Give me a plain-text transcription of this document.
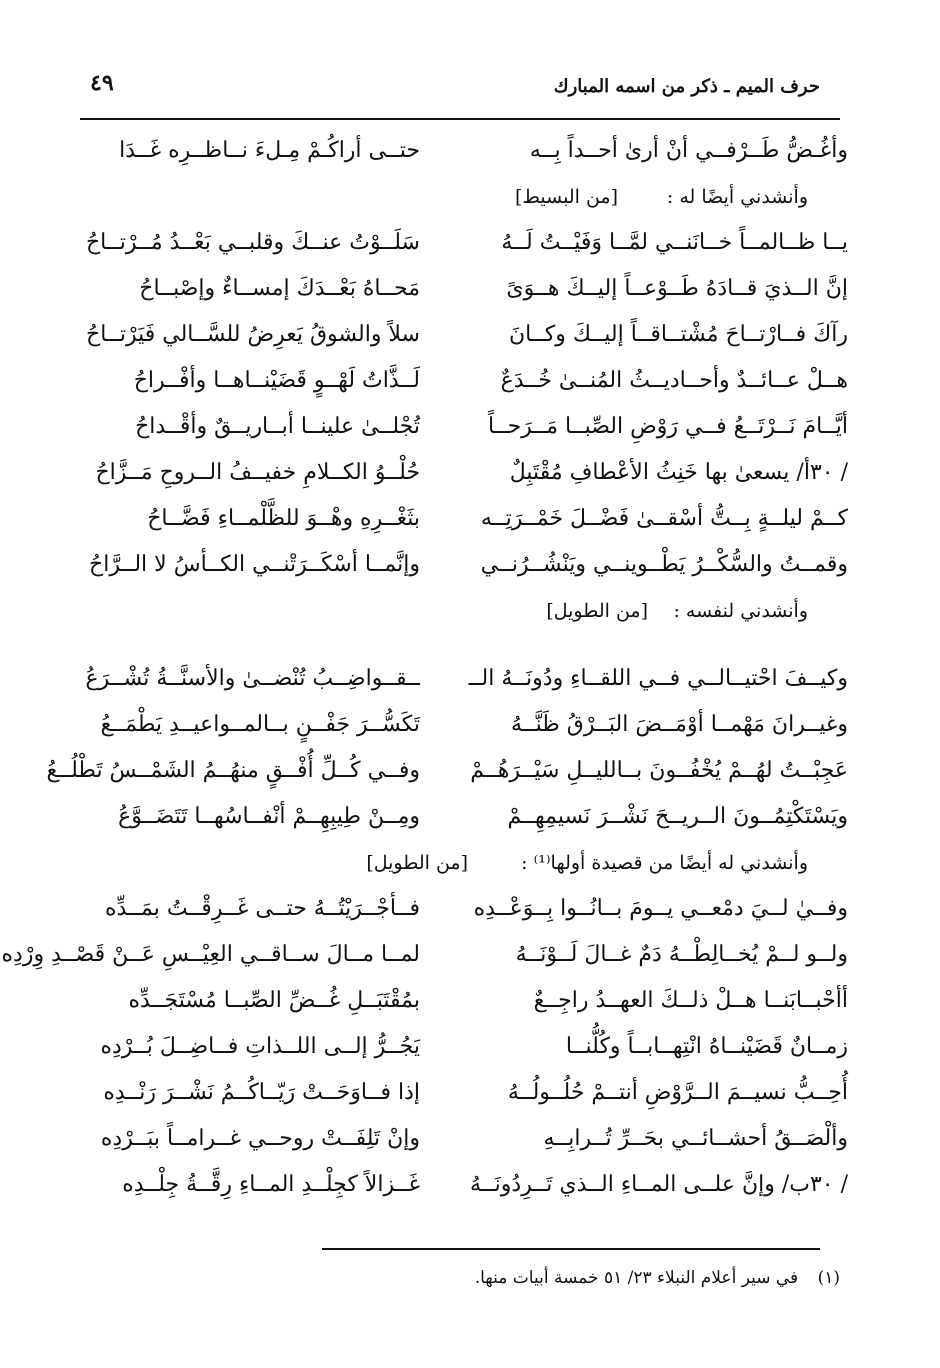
٤٩	حرف الميم ـ ذكر من اسمه المبارك
وأغُـضُّ طَــرْفــي أنْ أرىٰ أحــداً بِــه
حتــى أراكُـمْ مِـلءَ نــاظــرِه غَــدَا
وأنشدني أيضًا له :
[من البسيط]
يــا ظــالمــاً خــانَنــي لمَّــا وَفَيْــتُ لَــهُ
سَلَــوْتُ عنــكَ وقلبــي بَعْــدُ مُــرْتــاحُ
إنَّ الــذيَ قــادَهُ طَــوْعــاً إليــكَ هــوَىً
مَحــاهُ بَعْــدَكَ إمســاءٌ وإصْبــاحُ
رآكَ فــارْتــاحَ مُشْتــاقــاً إليــكَ وكــانَ
سلاً والشوقُ يَعرِضُ للسَّــالي فَيَرْتــاحُ
هــلْ عــائــدٌ وأحــاديــثُ المُنــىٰ خُــدَعٌ
لَــذَّاتُ لَهْــوٍ قَضَيْنــاهــا وأفْــراحُ
أيَّــامَ نَــرْتَــعُ فــي رَوْضِ الصِّبــا مَــرَحــاً
تُجْلــىٰ علينــا أبــاريــقٌ وأقْــداحُ
/ ٣٠أ/ يسعىٰ بها خَنِثُ الأعْطافِ مُقْتَبِلٌ
حُلْــوُ الكــلامِ خفيــفُ الــروحِ مَــزَّاحُ
كــمْ ليلــةٍ بِــتُّ أسْقــىٰ فَضْــلَ خَمْــرَتِــه
بثَغْــرِهِ وهْــوَ للظَّلْمــاءِ فَضَّــاحُ
وقمــتُ والسُّكْــرُ يَطْــوينــي ويَنْشُــرُنــي
وإنَّمــا أسْكَــرَتْنــي الكــأسُ لا الــرَّاحُ
وأنشدني لنفسه :
[من الطويل]
وكيــفَ احْتيــالــي فــي اللقــاءِ ودُونَــهُ الــ
ــقــواضِــبُ تُنْضــىٰ والأسنَّــةُ تُشْــرَعُ
وغيــرانَ مَهْمــا أوْمَــضَ البَــرْقُ ظَنَّــهُ
تَكَسُّــرَ جَفْــنٍ بــالمــواعيــدِ يَطْمَــعُ
عَجِبْــتُ لهُــمْ يُخْفُــونَ بــالليــلِ سَيْــرَهُــمْ
وفــي كُــلِّ أُفْــقٍ منهُــمُ الشَمْــسُ تَطْلُــعُ
ويَسْتَكْتِمُــونَ الــريــحَ نَشْــرَ نَسيمِهِــمْ
ومِــنْ طِيبِهِــمْ أنْفــاسُهــا تَتَضَــوَّعُ
وأنشدني له أيضًا من قصيدة أولها⁽¹⁾ :
[من الطويل]
وفــيٰ لــيَ دمْعــي يــومَ بــانُــوا بِــوَعْــدِه
فــأجْــرَيْتُــهُ حتــى غَــرِقْــتُ بمَــدِّه
ولــو لــمْ يُخــالِطْــهُ دَمٌ غــالَ لَــوْنَــهُ
لمــا مــالَ ســاقــي العِيْــسِ عَــنْ قَصْــدِ وِرْدِه
أأحْبــابَنــا هــلْ ذلــكَ العهــدُ راجِــعٌ
بمُقْتَبَــلِ غُــضِّ الصِّبــا مُسْتَجَــدِّه
زمــانٌ قَضَيْنــاهُ انْتِهــابــاً وكُلُّنــا
يَجُــرُّ إلــى اللــذاتِ فــاضِــلَ بُــرْدِه
أُحِــبُّ نسيــمَ الــرَّوْضِ أنتــمْ حُلُــولُــهُ
إذا فــاوَحَــتْ رَيّــاكُــمُ نَشْــرَ رَنْــدِه
وألْصَــقُ أحشــائــي بحَــرِّ تُــرابِــهِ
وإنْ تَلِفَــتْ روحــي غــرامــاً ببَــرْدِه
/ ٣٠ب/ وإنَّ علــى المــاءِ الــذي تَــرِدُونَــهُ
غَــزالاً كجِلْــدِ المــاءِ رِقَّــةُ جِلْــدِه
(١) في سير أعلام النبلاء ٢٣/ ٥١ خمسة أبيات منها.
